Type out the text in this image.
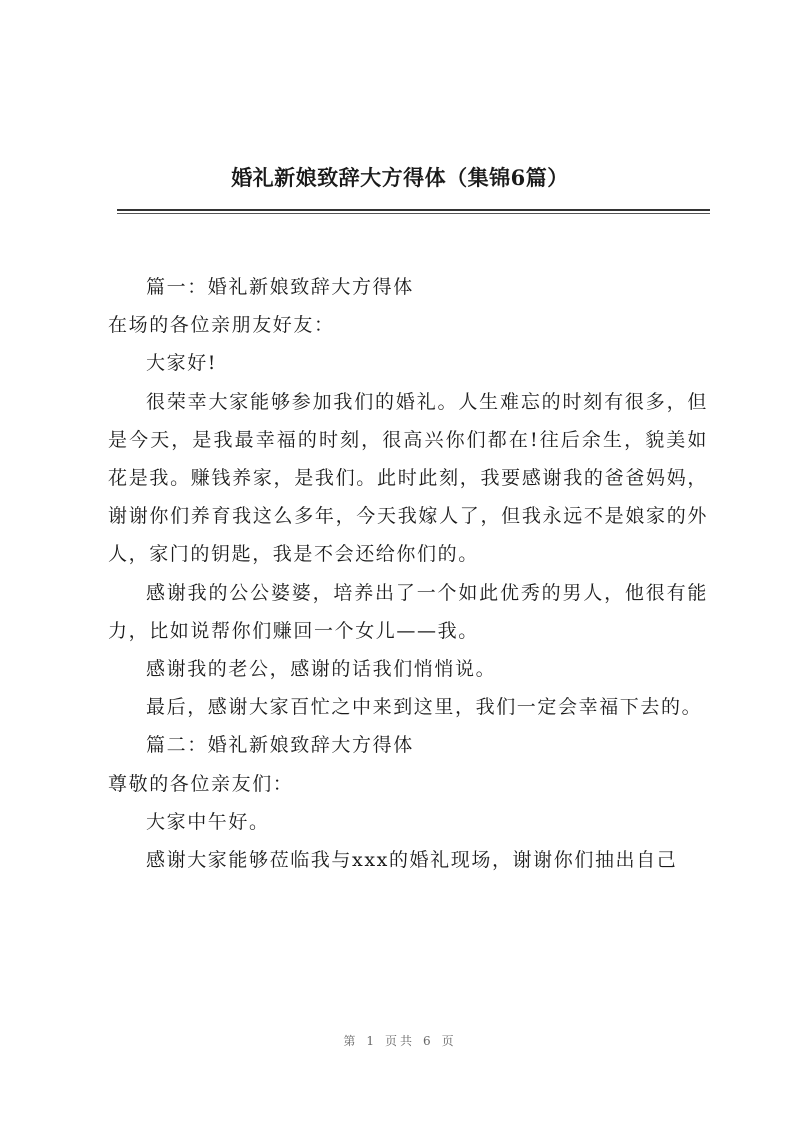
婚礼新娘致辞大方得体（集锦6篇）

篇一：婚礼新娘致辞大方得体

在场的各位亲朋友好友：

大家好!

很荣幸大家能够参加我们的婚礼。人生难忘的时刻有很多，但是今天，是我最幸福的时刻，很高兴你们都在!往后余生，貌美如花是我。赚钱养家，是我们。此时此刻，我要感谢我的爸爸妈妈，谢谢你们养育我这么多年，今天我嫁人了，但我永远不是娘家的外人，家门的钥匙，我是不会还给你们的。

感谢我的公公婆婆，培养出了一个如此优秀的男人，他很有能力，比如说帮你们赚回一个女儿——我。

感谢我的老公，感谢的话我们悄悄说。

最后，感谢大家百忙之中来到这里，我们一定会幸福下去的。

篇二：婚礼新娘致辞大方得体

尊敬的各位亲友们：

大家中午好。

感谢大家能够莅临我与xxx的婚礼现场，谢谢你们抽出自己

第 1 页共 6 页
